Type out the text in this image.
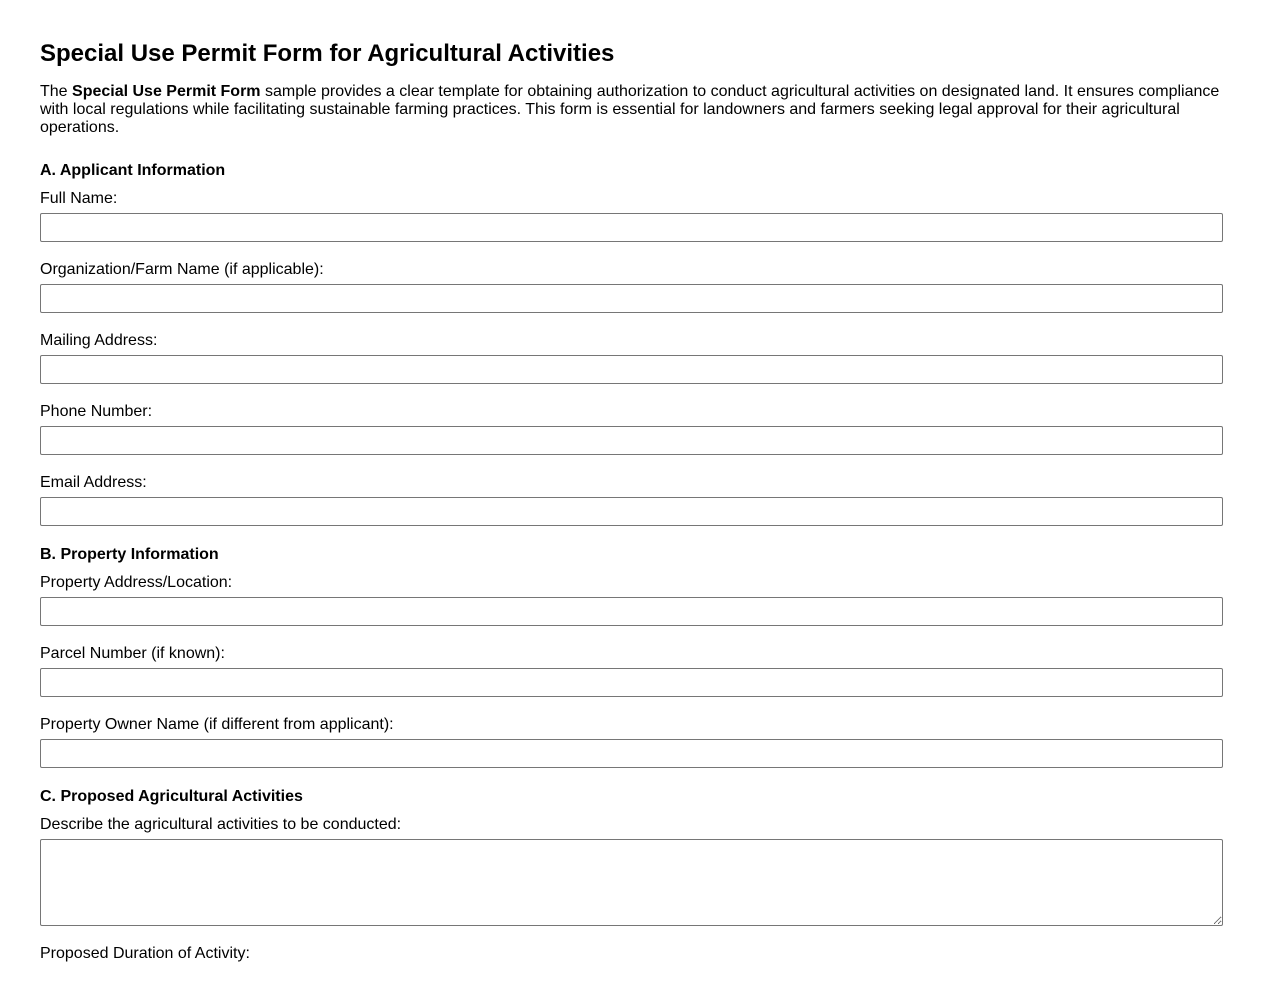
Special Use Permit Form for Agricultural Activities

The Special Use Permit Form sample provides a clear template for obtaining authorization to conduct agricultural activities on designated land. It ensures compliance with local regulations while facilitating sustainable farming practices. This form is essential for landowners and farmers seeking legal approval for their agricultural operations.

A. Applicant Information
Full Name:
Organization/Farm Name (if applicable):
Mailing Address:
Phone Number:
Email Address:
B. Property Information
Property Address/Location:
Parcel Number (if known):
Property Owner Name (if different from applicant):
C. Proposed Agricultural Activities
Describe the agricultural activities to be conducted:
Proposed Duration of Activity:
